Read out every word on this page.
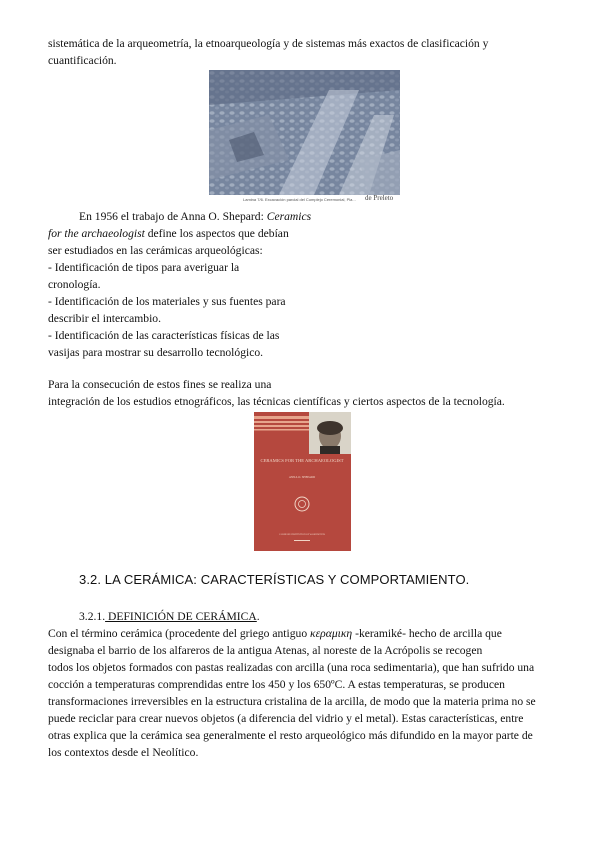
sistemática de la arqueometría, la etnoarqueología y de sistemas más exactos de clasificación y
cuantificación.
Lamina 7/6. Excavación parcial del Complejo Ceremonial, Pla... de Preleto
En 1956 el trabajo de Anna O. Shepard: Ceramics
for the archaeologist define los aspectos que debían
ser estudiados en las cerámicas arqueológicas:
- Identificación de tipos para averiguar la
cronología.
- Identificación de los materiales y sus fuentes para
describir el intercambio.
- Identificación de las características físicas de las
vasijas para mostrar su desarrollo tecnológico.
Para la consecución de estos fines se realiza una
integración de los estudios etnográficos, las técnicas científicas y ciertos aspectos de la tecnología.
CERAMICS FOR THE ARCHAEOLOGIST
ANNA O. SHEPARD
CARNEGIE INSTITUTION OF WASHINGTON
3.2. LA CERÁMICA: CARACTERÍSTICAS Y COMPORTAMIENTO.
3.2.1. DEFINICIÓN DE CERÁMICA.
Con el término cerámica (procedente del griego antiguo κεραμικη -keramiké- hecho de arcilla que
designaba el barrio de los alfareros de la antigua Atenas, al noreste de la Acrópolis se recogen
todos los objetos formados con pastas realizadas con arcilla (una roca sedimentaria), que han sufrido una
cocción a temperaturas comprendidas entre los 450 y los 650ºC. A estas temperaturas, se producen
transformaciones irreversibles en la estructura cristalina de la arcilla, de modo que la materia prima no se
puede reciclar para crear nuevos objetos (a diferencia del vidrio y el metal). Estas características, entre
otras explica que la cerámica sea generalmente el resto arqueológico más difundido en la mayor parte de
los contextos desde el Neolítico.
